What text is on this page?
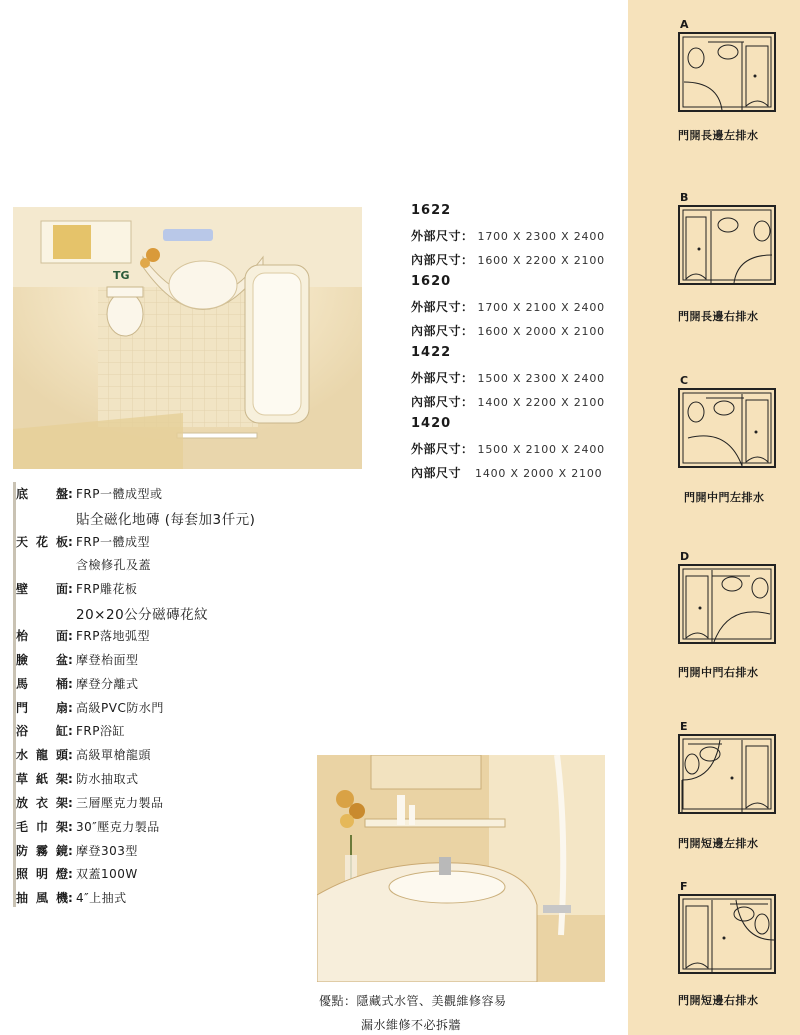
TG
1622
外部尺寸： 1700 X 2300 X 2400
內部尺寸： 1600 X 2200 X 2100
1620
外部尺寸： 1700 X 2100 X 2400
內部尺寸： 1600 X 2000 X 2100
1422
外部尺寸： 1500 X 2300 X 2400
內部尺寸： 1400 X 2200 X 2100
1420
外部尺寸： 1500 X 2100 X 2400
內部尺寸 1400 X 2000 X 2100
底盤: FRP一體成型或
貼全磁化地磚 (每套加3仟元)
天花板: FRP一體成型
含檢修孔及蓋
壁面: FRP雕花板
20×20公分磁磚花紋
枱面: FRP落地弧型
臉盆: 摩登枱面型
馬桶: 摩登分離式
門扇: 高級PVC防水門
浴缸: FRP浴缸
水龍頭: 高級單槍龍頭
草紙架: 防水抽取式
放衣架: 三層壓克力製品
毛巾架: 30″壓克力製品
防霧鏡: 摩登303型
照明燈: 双蓋100W
抽風機: 4″上抽式
優點：隱藏式水管、美觀維修容易
漏水維修不必拆牆
A
門開長邊左排水
B
門開長邊右排水
C
門開中門左排水
D
門開中門右排水
E
門開短邊左排水
F
門開短邊右排水
